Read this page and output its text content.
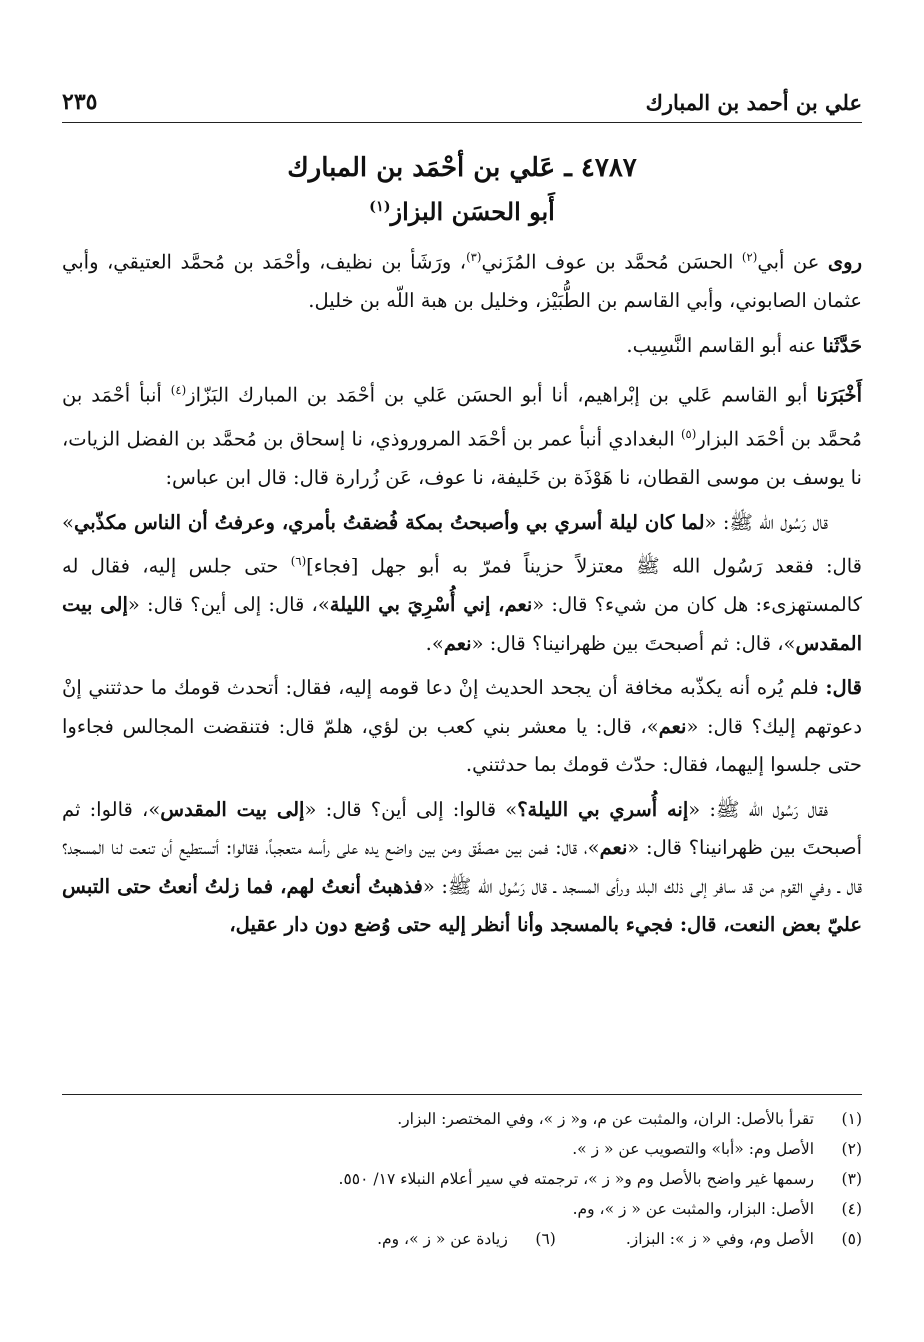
علي بن أحمد بن المبارك
٢٣٥
٤٧٨٧ ـ عَلي بن أحْمَد بن المبارك
أَبو الحسَن البزاز$^{(١)}$

روى عن أبي$^{(٢)}$ الحسَن مُحمَّد بن عوف المُزَني$^{(٣)}$، ورَشَأ بن نظيف، وأحْمَد بن مُحمَّد العتيقي، وأبي عثمان الصابوني، وأبي القاسم بن الطُّبَيْز، وخليل بن هبة اللّه بن خليل.

حَدَّثَنا عنه أبو القاسم النَّسِيب.

أَخْبَرَنا أبو القاسم عَلي بن إبْراهيم، أنا أبو الحسَن عَلي بن أحْمَد بن المبارك البَزّاز$^{(٤)}$ أنبأ أحْمَد بن مُحمَّد بن أحْمَد البزار$^{(٥)}$ البغدادي أنبأ عمر بن أحْمَد المروروذي، نا إسحاق بن مُحمَّد بن الفضل الزيات، نا يوسف بن موسى القطان، نا هَوْذَة بن خَليفة، نا عوف، عَن زُرارة قال: قال ابن عباس:

قال رَسُول الله ﷺ: «لما كان ليلة أسري بي وأصبحتُ بمكة فُضقتُ بأمري، وعرفتُ أن الناس مكذّبي» قال: فقعد رَسُول الله ﷺ معتزلاً حزيناً فمرّ به أبو جهل [فجاء]$^{(٦)}$ حتى جلس إليه، فقال له كالمستهزىء: هل كان من شيء؟ قال: «نعم، إني أُسْرِيَ بي الليلة»، قال: إلى أين؟ قال: «إلى بيت المقدس»، قال: ثم أصبحتَ بين ظهرانينا؟ قال: «نعم».

قال: فلم يُره أنه يكذّبه مخافة أن يجحد الحديث إنْ دعا قومه إليه، فقال: أتحدث قومك ما حدثتني إنْ دعوتهم إليك؟ قال: «نعم»، قال: يا معشر بني كعب بن لؤي، هلمّ قال: فتنقضت المجالس فجاءوا حتى جلسوا إليهما، فقال: حدّث قومك بما حدثتني.

فقال رَسُول الله ﷺ: «إنه أُسري بي الليلة؟» قالوا: إلى أين؟ قال: «إلى بيت المقدس»، قالوا: ثم أصبحتَ بين ظهرانينا؟ قال: «نعم»، قال: فمن بين مصفّق ومن بين واضع يده على رأسه متعجباً، فقالوا: أتستطيع أن تنعت لنا المسجد؟ قال ـ وفي القوم من قد سافر إلى ذلك البلد ورأى المسجد ـ قال رَسُول الله ﷺ: «فذهبتُ أنعتُ لهم، فما زلتُ أنعتُ حتى التبس عليّ بعض النعت، قال: فجيء بالمسجد وأنا أنظر إليه حتى وُضع دون دار عقيل،

(١)
تقرأ بالأصل: الران، والمثبت عن م، و« ز »، وفي المختصر: البزار.
(٢)
الأصل وم: «أبا» والتصويب عن « ز ».
(٣)
رسمها غير واضح بالأصل وم و« ز »، ترجمته في سير أعلام النبلاء ١٧/ ٥٥٠.
(٤)
الأصل: البزار، والمثبت عن « ز »، وم.
(٥)
الأصل وم، وفي « ز »: البزاز.
(٦)
زيادة عن « ز »، وم.
